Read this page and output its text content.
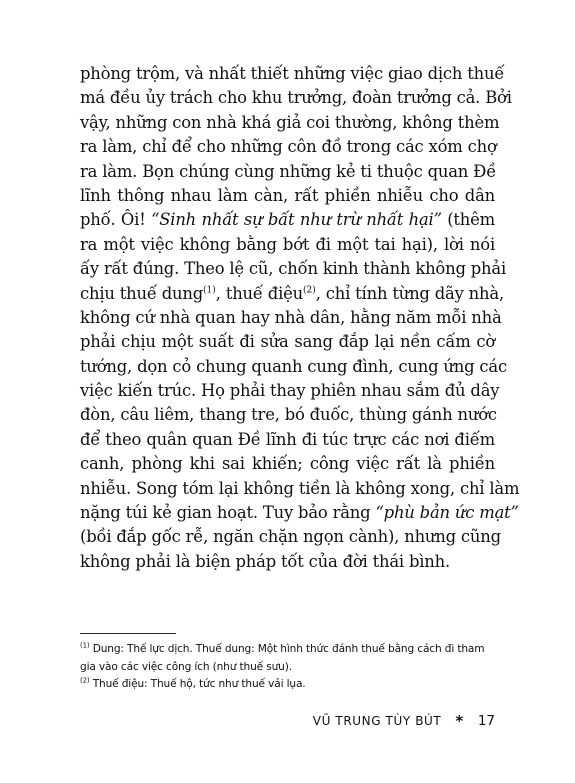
phòng trộm, và nhất thiết những việc giao dịch thuế
má đều ủy trách cho khu trưởng, đoàn trưởng cả. Bởi
vậy, những con nhà khá giả coi thường, không thèm
ra làm, chỉ để cho những côn đồ trong các xóm chợ
ra làm. Bọn chúng cùng những kẻ ti thuộc quan Đề
lĩnh thông nhau làm càn, rất phiền nhiễu cho dân
phố. Ôi! “Sinh nhất sự bất như trừ nhất hại” (thêm
ra một việc không bằng bớt đi một tai hại), lời nói
ấy rất đúng. Theo lệ cũ, chốn kinh thành không phải
chịu thuế dung$^{(1)}$, thuế điệu$^{(2)}$, chỉ tính từng dãy nhà,
không cứ nhà quan hay nhà dân, hằng năm mỗi nhà
phải chịu một suất đi sửa sang đắp lại nền cấm cờ
tướng, dọn cỏ chung quanh cung đình, cung ứng các
việc kiến trúc. Họ phải thay phiên nhau sắm đủ dây
đòn, câu liêm, thang tre, bó đuốc, thùng gánh nước
để theo quân quan Đề lĩnh đi túc trực các nơi điếm
canh, phòng khi sai khiến; công việc rất là phiền
nhiễu. Song tóm lại không tiền là không xong, chỉ làm
nặng túi kẻ gian hoạt. Tuy bảo rằng “phù bản ức mạt”
(bồi đắp gốc rễ, ngăn chặn ngọn cành), nhưng cũng
không phải là biện pháp tốt của đời thái bình.
$^{(1)}$ Dung: Thế lực dịch. Thuế dung: Một hình thức đánh thuế bằng cách đi tham
gia vào các việc công ích (như thuế sưu).
$^{(2)}$ Thuế điệu: Thuế hộ, tức như thuế vải lụa.
VŨ TRUNG TÙY BÚT * 17
